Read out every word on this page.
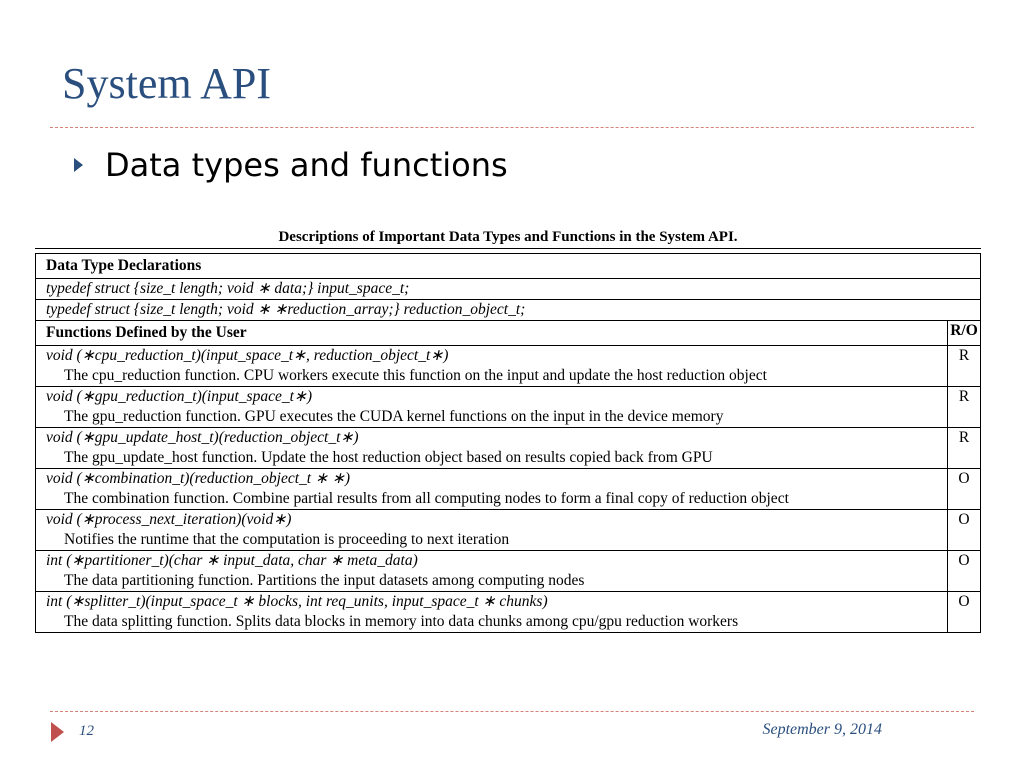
System API
Data types and functions
Descriptions of Important Data Types and Functions in the System API.
Data Type Declarations	
typedef struct {size_t length; void ∗ data;} input_space_t;	
typedef struct {size_t length; void ∗ ∗reduction_array;} reduction_object_t;	
Functions Defined by the User	R/O

void (∗cpu_reduction_t)(input_space_t∗, reduction_object_t∗)
The cpu_reduction function. CPU workers execute this function on the input and update the host reduction object	R

void (∗gpu_reduction_t)(input_space_t∗)
The gpu_reduction function. GPU executes the CUDA kernel functions on the input in the device memory	R

void (∗gpu_update_host_t)(reduction_object_t∗)
The gpu_update_host function. Update the host reduction object based on results copied back from GPU	R

void (∗combination_t)(reduction_object_t ∗ ∗)
The combination function. Combine partial results from all computing nodes to form a final copy of reduction object	O

void (∗process_next_iteration)(void∗)
Notifies the runtime that the computation is proceeding to next iteration	O

int (∗partitioner_t)(char ∗ input_data, char ∗ meta_data)
The data partitioning function. Partitions the input datasets among computing nodes	O

int (∗splitter_t)(input_space_t ∗ blocks, int req_units, input_space_t ∗ chunks)
The data splitting function. Splits data blocks in memory into data chunks among cpu/gpu reduction workers	O
12	September 9, 2014
